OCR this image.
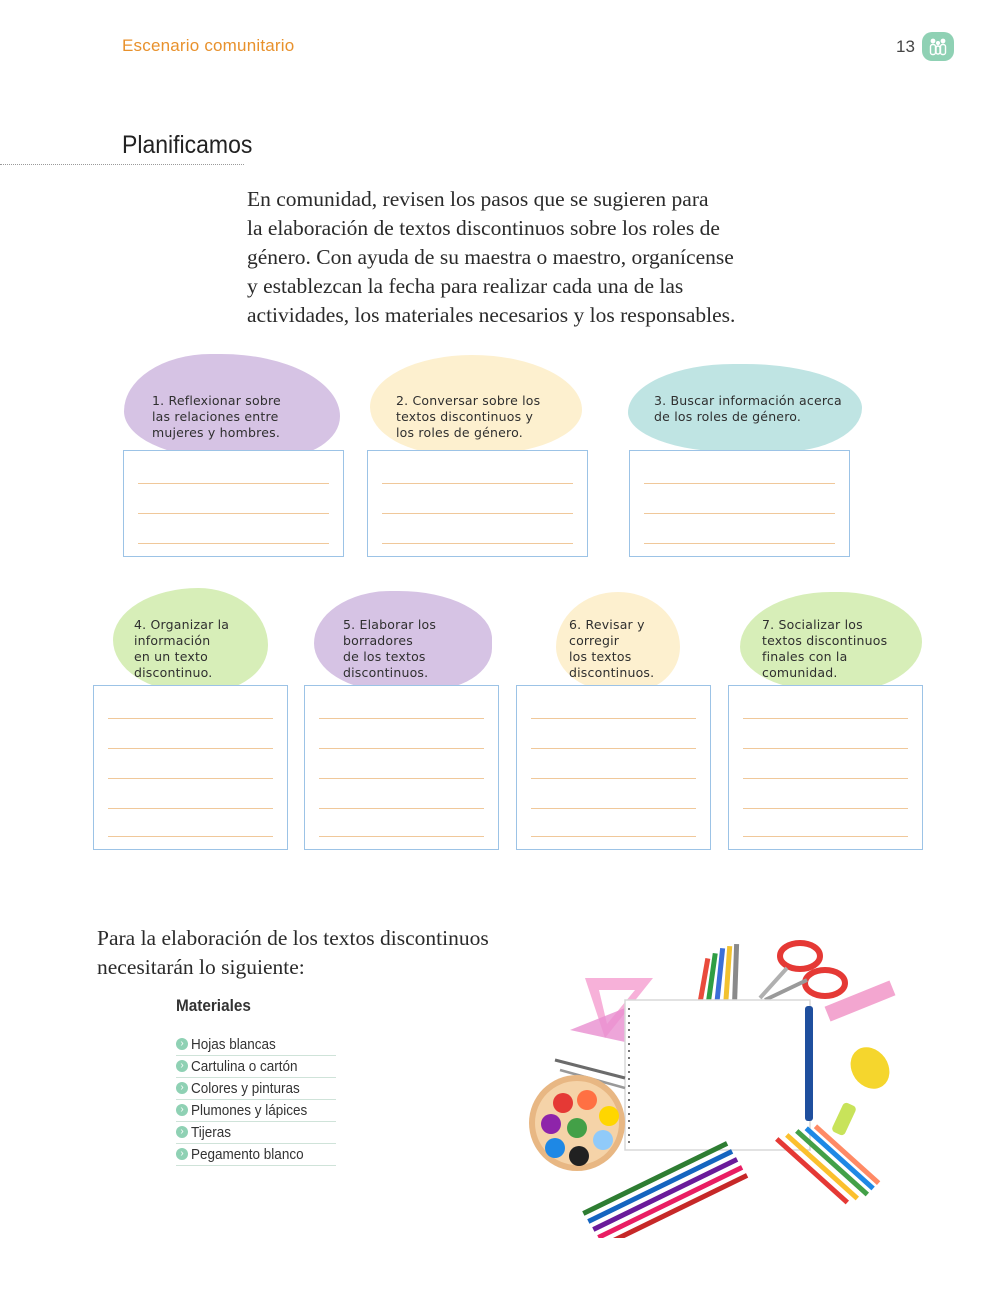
Escenario comunitario	13
Planificamos
En comunidad, revisen los pasos que se sugieren para
la elaboración de textos discontinuos sobre los roles de
género. Con ayuda de su maestra o maestro, organícense
y establezcan la fecha para realizar cada una de las
actividades, los materiales necesarios y los responsables.
1. Reflexionar sobre
las relaciones entre
mujeres y hombres.
2. Conversar sobre los
textos discontinuos y
los roles de género.
3. Buscar información acerca
de los roles de género.
4. Organizar la
información
en un texto
discontinuo.
5. Elaborar los
borradores
de los textos
discontinuos.
6. Revisar y
corregir
los textos
discontinuos.
7. Socializar los
textos discontinuos
finales con la
comunidad.
Para la elaboración de los textos discontinuos
necesitarán lo siguiente:
Materiales
› Hojas blancas
› Cartulina o cartón
› Colores y pinturas
› Plumones y lápices
› Tijeras
› Pegamento blanco
